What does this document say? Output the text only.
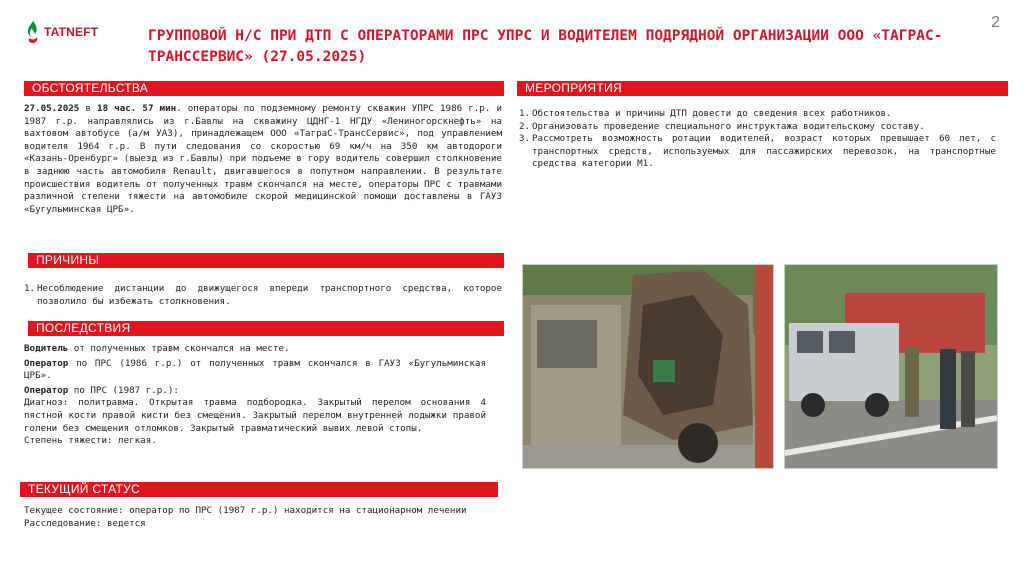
TATNEFT	ГРУППОВОЙ Н/С ПРИ ДТП С ОПЕРАТОРАМИ ПРС УПРС И ВОДИТЕЛЕМ ПОДРЯДНОЙ ОРГАНИЗАЦИИ ООО «ТАГРАС-ТРАНССЕРВИС» (27.05.2025)
2
ОБСТОЯТЕЛЬСТВА
27.05.2025 в 18 час. 57 мин. операторы по подземному ремонту скважин УПРС 1986 г.р. и 1987 г.р. направлялись из г.Бавлы на скважину ЦДНГ-1 НГДУ «Лениногорскнефть» на вахтовом автобусе (а/м УАЗ), принадлежащем ООО «ТаграС-ТрансСервис», под управлением водителя 1964 г.р. В пути следования со скоростью 69 км/ч на 350 км автодороги «Казань-Оренбург» (выезд из г.Бавлы) при подъеме в гору водитель совершил столкновение в заднюю часть автомобиля Renault, двигавшегося в попутном направлении. В результате происшествия водитель от полученных травм скончался на месте, операторы ПРС с травмами различной степени тяжести на автомобиле скорой медицинской помощи доставлены в ГАУЗ «Бугульминская ЦРБ».
ПРИЧИНЫ
1. Несоблюдение дистанции до движущегося впереди транспортного средства, которое позволило бы избежать столкновения.
ПОСЛЕДСТВИЯ

Водитель от полученных травм скончался на месте.

Оператор по ПРС (1986 г.р.) от полученных травм скончался в ГАУЗ «Бугульминская ЦРБ».

Оператор по ПРС (1987 г.р.):

Диагноз: политравма. Открытая травма подбородка. Закрытый перелом основания 4 пястной кости правой кисти без смещения. Закрытый перелом внутренней лодыжки правой голени без смещения отломков. Закрытый травматический вывих левой стопы.

Степень тяжести: легкая.

ТЕКУЩИЙ СТАТУС

Текущее состояние: оператор по ПРС (1987 г.р.) находится на стационарном лечении

Расследование: ведется

МЕРОПРИЯТИЯ
1. Обстоятельства и причины ДТП довести до сведения всех работников.
2. Организовать проведение специального инструктажа водительскому составу.
3. Рассмотреть возможность ротации водителей, возраст которых превышает 60 лет, с транспортных средств, используемых для пассажирских перевозок, на транспортные средства категории М1.
